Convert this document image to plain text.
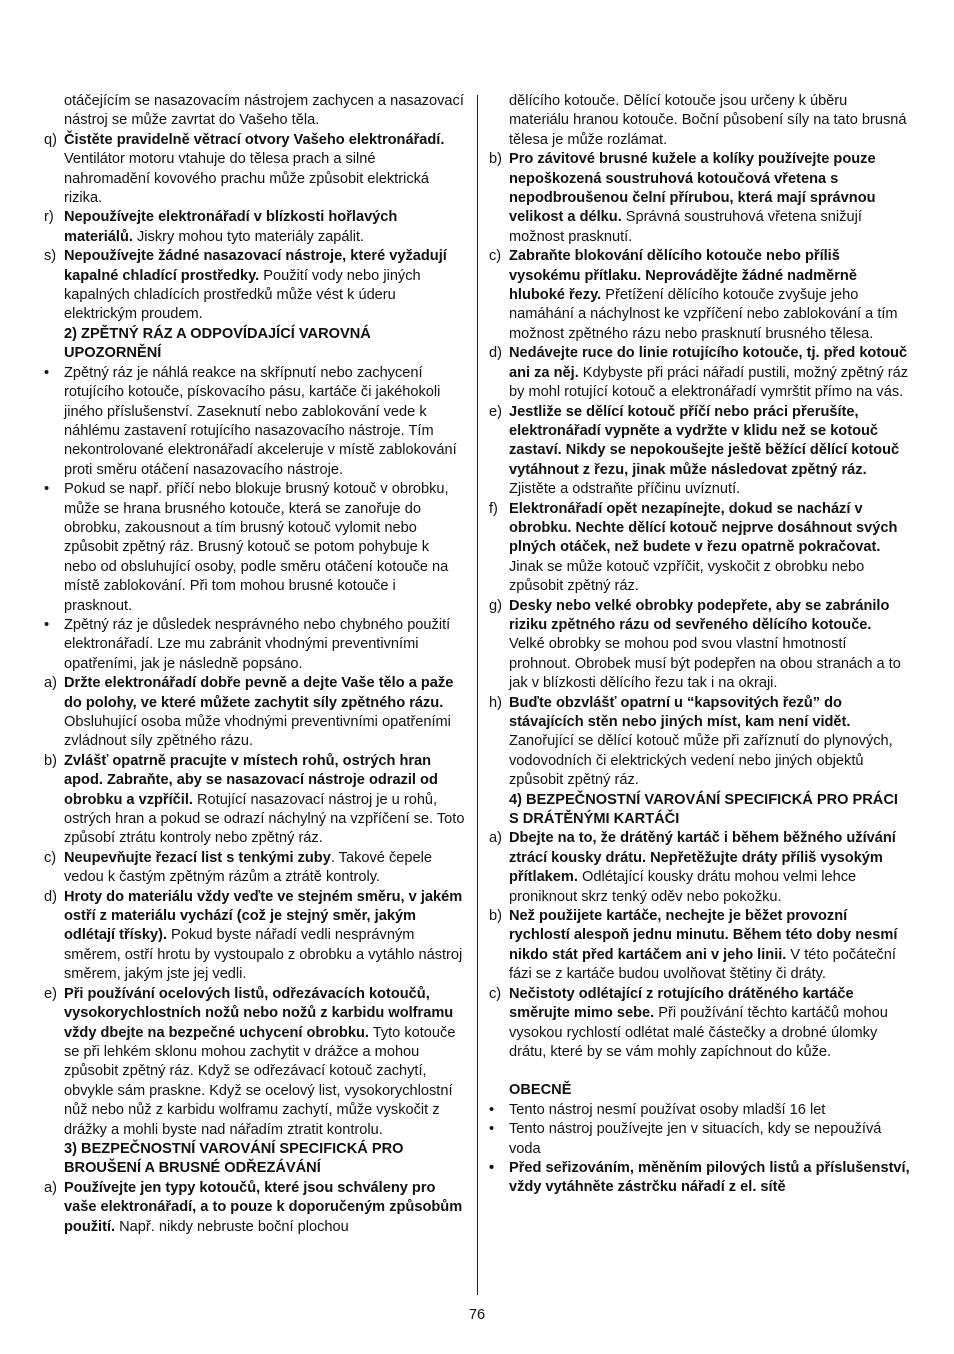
otáčejícím se nasazovacím nástrojem zachycen a nasazovací nástroj se může zavrtat do Vašeho těla.
q) Čistěte pravidelně větrací otvory Vašeho elektronářadí. Ventilátor motoru vtahuje do tělesa prach a silné nahromadění kovového prachu může způsobit elektrická rizika.
r) Nepoužívejte elektronářadí v blízkosti hořlavých materiálů. Jiskry mohou tyto materiály zapálit.
s) Nepoužívejte žádné nasazovací nástroje, které vyžadují kapalné chladící prostředky. Použití vody nebo jiných kapalných chladících prostředků může vést k úderu elektrickým proudem.
2) ZPĚTNÝ RÁZ A ODPOVÍDAJÍCÍ VAROVNÁ UPOZORNĚNÍ
• Zpětný ráz je náhlá reakce na skřípnutí nebo zachycení rotujícího kotouče, pískovacího pásu, kartáče či jakéhokoli jiného příslušenství. Zaseknutí nebo zablokování vede k náhlému zastavení rotujícího nasazovacího nástroje. Tím nekontrolované elektronářadí akceleruje v místě zablokování proti směru otáčení nasazovacího nástroje.
• Pokud se např. příčí nebo blokuje brusný kotouč v obrobku, může se hrana brusného kotouče, která se zanořuje do obrobku, zakousnout a tím brusný kotouč vylomit nebo způsobit zpětný ráz. Brusný kotouč se potom pohybuje k nebo od obsluhující osoby, podle směru otáčení kotouče na místě zablokování. Při tom mohou brusné kotouče i prasknout.
• Zpětný ráz je důsledek nesprávného nebo chybného použití elektronářadí. Lze mu zabránit vhodnými preventivními opatřeními, jak je následně popsáno.
a) Držte elektronářadí dobře pevně a dejte Vaše tělo a paže do polohy, ve které můžete zachytit síly zpětného rázu. Obsluhující osoba může vhodnými preventivními opatřeními zvládnout síly zpětného rázu.
b) Zvlášť opatrně pracujte v místech rohů, ostrých hran apod. Zabraňte, aby se nasazovací nástroje odrazil od obrobku a vzpříčil. Rotující nasazovací nástroj je u rohů, ostrých hran a pokud se odrazí náchylný na vzpříčení se. Toto způsobí ztrátu kontroly nebo zpětný ráz.
c) Neupevňujte řezací list s tenkými zuby. Takové čepele vedou k častým zpětným rázům a ztrátě kontroly.
d) Hroty do materiálu vždy veďte ve stejném směru, v jakém ostří z materiálu vychází (což je stejný směr, jakým odlétají třísky). Pokud byste nářadí vedli nesprávným směrem, ostří hrotu by vystoupalo z obrobku a vytáhlo nástroj směrem, jakým jste jej vedli.
e) Při používání ocelových listů, odřezávacích kotoučů, vysokorychlostních nožů nebo nožů z karbidu wolframu vždy dbejte na bezpečné uchycení obrobku. Tyto kotouče se při lehkém sklonu mohou zachytit v drážce a mohou způsobit zpětný ráz. Když se odřezávací kotouč zachytí, obvykle sám praskne. Když se ocelový list, vysokorychlostní nůž nebo nůž z karbidu wolframu zachytí, může vyskočit z drážky a mohli byste nad nářadím ztratit kontrolu.
3) BEZPEČNOSTNÍ VAROVÁNÍ SPECIFICKÁ PRO BROUŠENÍ A BRUSNÉ ODŘEZÁVÁNÍ
a) Používejte jen typy kotoučů, které jsou schváleny pro vaše elektronářadí, a to pouze k doporučeným způsobům použití. Např. nikdy nebruste boční plochou
dělícího kotouče. Dělící kotouče jsou určeny k úběru materiálu hranou kotouče. Boční působení síly na tato brusná tělesa je může rozlámat.
b) Pro závitové brusné kužele a kolíky používejte pouze nepoškozená soustruhová kotoučová vřetena s nepodbroušenou čelní přírubou, která mají správnou velikost a délku. Správná soustruhová vřetena snižují možnost prasknutí.
c) Zabraňte blokování dělícího kotouče nebo příliš vysokému přítlaku. Neprovádějte žádné nadměrně hluboké řezy. Přetížení dělícího kotouče zvyšuje jeho namáhání a náchylnost ke vzpříčení nebo zablokování a tím možnost zpětného rázu nebo prasknutí brusného tělesa.
d) Nedávejte ruce do linie rotujícího kotouče, tj. před kotouč ani za něj. Kdybyste při práci nářadí pustili, možný zpětný ráz by mohl rotující kotouč a elektronářadí vymrštit přímo na vás.
e) Jestliže se dělící kotouč příčí nebo práci přerušíte, elektronářadí vypněte a vydržte v klidu než se kotouč zastaví. Nikdy se nepokoušejte ještě běžící dělící kotouč vytáhnout z řezu, jinak může následovat zpětný ráz. Zjistěte a odstraňte příčinu uvíznutí.
f) Elektronářadí opět nezapínejte, dokud se nachází v obrobku. Nechte dělící kotouč nejprve dosáhnout svých plných otáček, než budete v řezu opatrně pokračovat. Jinak se může kotouč vzpříčit, vyskočit z obrobku nebo způsobit zpětný ráz.
g) Desky nebo velké obrobky podepřete, aby se zabránilo riziku zpětného rázu od sevřeného dělícího kotouče. Velké obrobky se mohou pod svou vlastní hmotností prohnout. Obrobek musí být podepřen na obou stranách a to jak v blízkosti dělícího řezu tak i na okraji.
h) Buďte obzvlášť opatrní u “kapsovitých řezů” do stávajících stěn nebo jiných míst, kam není vidět. Zanořující se dělící kotouč může při zaříznutí do plynových, vodovodních či elektrických vedení nebo jiných objektů způsobit zpětný ráz.
4) BEZPEČNOSTNÍ VAROVÁNÍ SPECIFICKÁ PRO PRÁCI S DRÁTĚNÝMI KARTÁČI
a) Dbejte na to, že drátěný kartáč i během běžného užívání ztrácí kousky drátu. Nepřetěžujte dráty příliš vysokým přítlakem. Odlétající kousky drátu mohou velmi lehce proniknout skrz tenký oděv nebo pokožku.
b) Než použijete kartáče, nechejte je běžet provozní rychlostí alespoň jednu minutu. Během této doby nesmí nikdo stát před kartáčem ani v jeho linii. V této počáteční fázi se z kartáče budou uvolňovat štětiny či dráty.
c) Nečistoty odlétající z rotujícího drátěného kartáče směrujte mimo sebe. Při používání těchto kartáčů mohou vysokou rychlostí odlétat malé částečky a drobné úlomky drátu, které by se vám mohly zapíchnout do kůže.
OBECNĚ
• Tento nástroj nesmí používat osoby mladší 16 let
• Tento nástroj používejte jen v situacích, kdy se nepoužívá voda
• Před seřizováním, měněním pilových listů a příslušenství, vždy vytáhněte zástrčku nářadí z el. sítě
76
